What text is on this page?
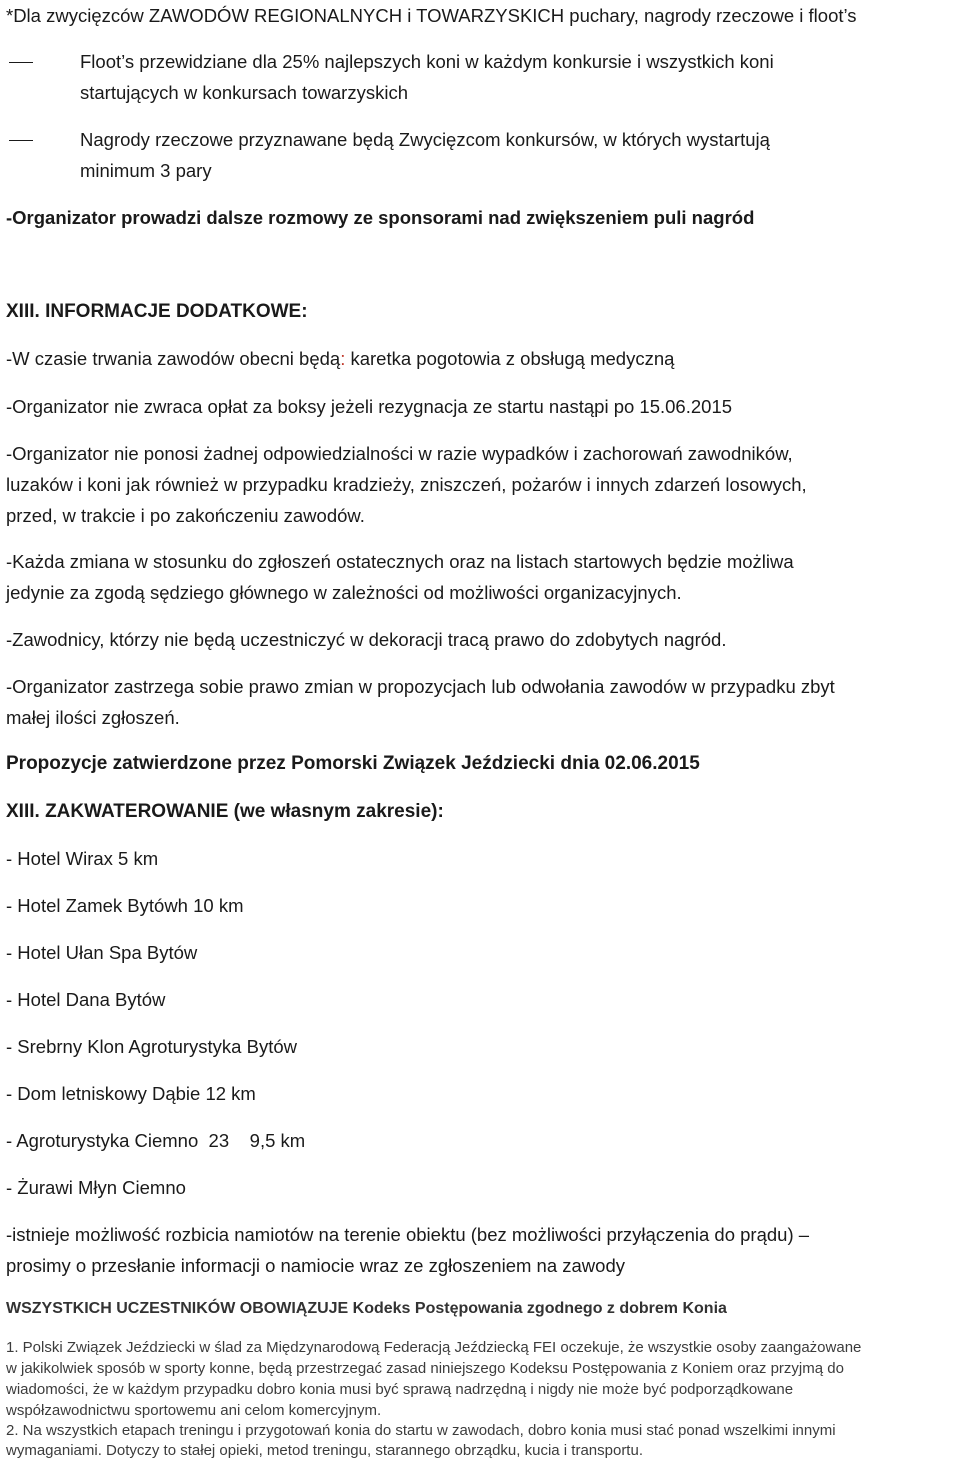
*Dla zwycięzców ZAWODÓW REGIONALNYCH i TOWARZYSKICH puchary, nagrody rzeczowe i floot’s
Floot’s przewidziane dla 25% najlepszych koni w każdym konkursie i wszystkich koni
startujących w konkursach towarzyskich
Nagrody rzeczowe przyznawane będą Zwycięzcom konkursów, w których wystartują
minimum 3 pary
-Organizator prowadzi dalsze rozmowy ze sponsorami nad zwiększeniem puli nagród
XIII. INFORMACJE DODATKOWE:
-W czasie trwania zawodów obecni będą: karetka pogotowia z obsługą medyczną
-Organizator nie zwraca opłat za boksy jeżeli rezygnacja ze startu nastąpi po 15.06.2015
-Organizator nie ponosi żadnej odpowiedzialności w razie wypadków i zachorowań zawodników,
luzaków i koni jak również w przypadku kradzieży, zniszczeń, pożarów i innych zdarzeń losowych,
przed, w trakcie i po zakończeniu zawodów.
-Każda zmiana w stosunku do zgłoszeń ostatecznych oraz na listach startowych będzie możliwa
jedynie za zgodą sędziego głównego w zależności od możliwości organizacyjnych.
-Zawodnicy, którzy nie będą uczestniczyć w dekoracji tracą prawo do zdobytych nagród.
-Organizator zastrzega sobie prawo zmian w propozycjach lub odwołania zawodów w przypadku zbyt
małej ilości zgłoszeń.
Propozycje zatwierdzone przez Pomorski Związek Jeździecki dnia 02.06.2015
XIII. ZAKWATEROWANIE (we własnym zakresie):
- Hotel Wirax 5 km
- Hotel Zamek Bytówh 10 km
- Hotel Ułan Spa Bytów
- Hotel Dana Bytów
- Srebrny Klon Agroturystyka Bytów
- Dom letniskowy Dąbie 12 km
- Agroturystyka Ciemno  23    9,5 km
- Żurawi Młyn Ciemno
-istnieje możliwość rozbicia namiotów na terenie obiektu (bez możliwości przyłączenia do prądu) –
prosimy o przesłanie informacji o namiocie wraz ze zgłoszeniem na zawody
WSZYSTKICH UCZESTNIKÓW OBOWIĄZUJE Kodeks Postępowania zgodnego z dobrem Konia
1. Polski Związek Jeździecki w ślad za Międzynarodową Federacją Jeździecką FEI oczekuje, że wszystkie osoby zaangażowane
w jakikolwiek sposób w sporty konne, będą przestrzegać zasad niniejszego Kodeksu Postępowania z Koniem oraz przyjmą do
wiadomości, że w każdym przypadku dobro konia musi być sprawą nadrzędną i nigdy nie może być podporządkowane
współzawodnictwu sportowemu ani celom komercyjnym.
2. Na wszystkich etapach treningu i przygotowań konia do startu w zawodach, dobro konia musi stać ponad wszelkimi innymi
wymaganiami. Dotyczy to stałej opieki, metod treningu, starannego obrządku, kucia i transportu.
